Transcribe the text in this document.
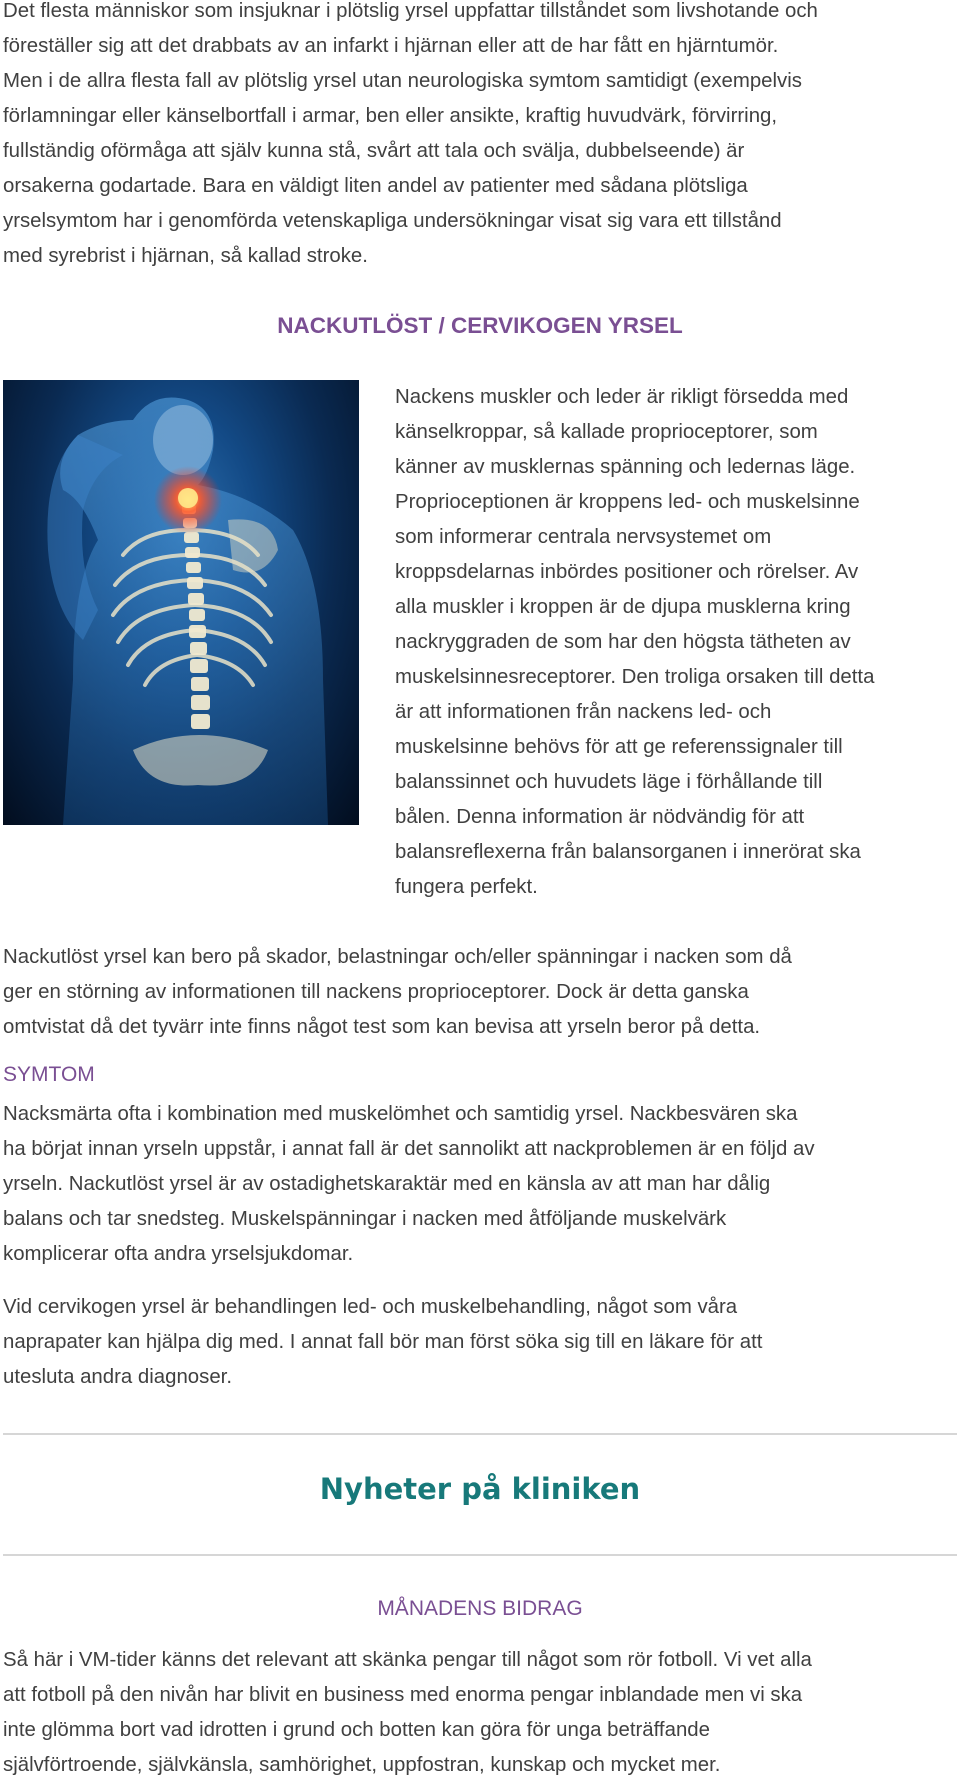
Det flesta människor som insjuknar i plötslig yrsel uppfattar tillståndet som livshotande och

föreställer sig att det drabbats av an infarkt i hjärnan eller att de har fått en hjärntumör.

Men i de allra flesta fall av plötslig yrsel utan neurologiska symtom samtidigt (exempelvis

förlamningar eller känselbortfall i armar, ben eller ansikte, kraftig huvudvärk, förvirring,

fullständig oförmåga att själv kunna stå, svårt att tala och svälja, dubbelseende) är

orsakerna godartade. Bara en väldigt liten andel av patienter med sådana plötsliga

yrselsymtom har i genomförda vetenskapliga undersökningar visat sig vara ett tillstånd

med syrebrist i hjärnan, så kallad stroke.

NACKUTLÖST / CERVIKOGEN YRSEL

Nackens muskler och leder är rikligt försedda med

känselkroppar, så kallade proprioceptorer, som

känner av musklernas spänning och ledernas läge.

Proprioceptionen är kroppens led- och muskelsinne

som informerar centrala nervsystemet om

kroppsdelarnas inbördes positioner och rörelser. Av

alla muskler i kroppen är de djupa musklerna kring

nackryggraden de som har den högsta tätheten av

muskelsinnesreceptorer. Den troliga orsaken till detta

är att informationen från nackens led- och

muskelsinne behövs för att ge referenssignaler till

balanssinnet och huvudets läge i förhållande till

bålen. Denna information är nödvändig för att

balansreflexerna från balansorganen i innerörat ska

fungera perfekt.

Nackutlöst yrsel kan bero på skador, belastningar och/eller spänningar i nacken som då

ger en störning av informationen till nackens proprioceptorer. Dock är detta ganska

omtvistat då det tyvärr inte finns något test som kan bevisa att yrseln beror på detta.

SYMTOM

Nacksmärta ofta i kombination med muskelömhet och samtidig yrsel. Nackbesvären ska

ha börjat innan yrseln uppstår, i annat fall är det sannolikt att nackproblemen är en följd av

yrseln. Nackutlöst yrsel är av ostadighetskaraktär med en känsla av att man har dålig

balans och tar snedsteg. Muskelspänningar i nacken med åtföljande muskelvärk

komplicerar ofta andra yrselsjukdomar.

Vid cervikogen yrsel är behandlingen led- och muskelbehandling, något som våra

naprapater kan hjälpa dig med. I annat fall bör man först söka sig till en läkare för att

utesluta andra diagnoser.

Nyheter på kliniken
MÅNADENS BIDRAG

Så här i VM-tider känns det relevant att skänka pengar till något som rör fotboll. Vi vet alla

att fotboll på den nivån har blivit en business med enorma pengar inblandade men vi ska

inte glömma bort vad idrotten i grund och botten kan göra för unga beträffande

självförtroende, självkänsla, samhörighet, uppfostran, kunskap och mycket mer.
